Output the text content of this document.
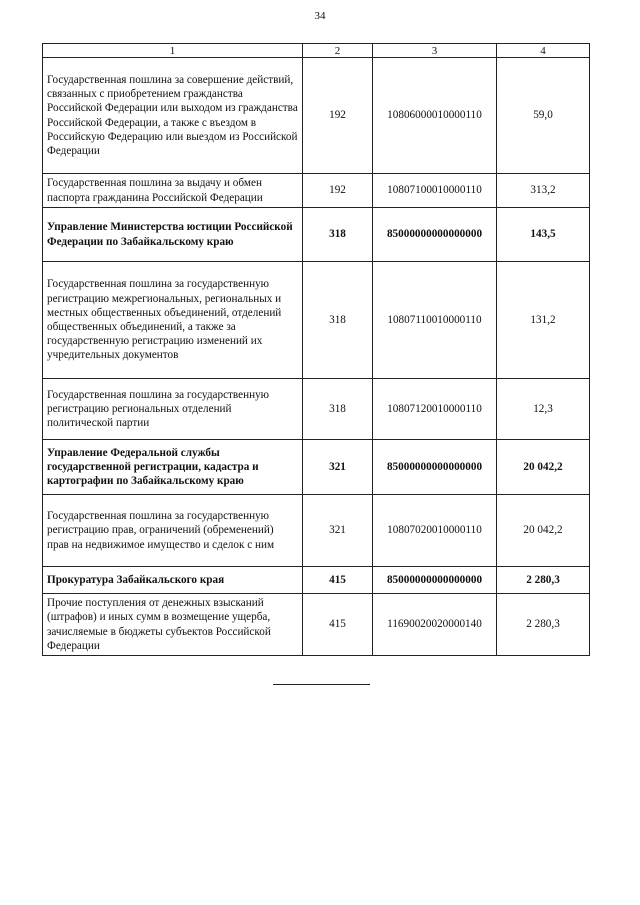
34
1	2	3	4
Государственная пошлина за совершение действий, связанных с приобретением гражданства Российской Федерации или выходом из гражданства Российской Федерации, а также с въездом в Российскую Федерацию или выездом из Российской Федерации	192	10806000010000110	59,0
Государственная пошлина за выдачу и обмен паспорта гражданина Российской Федерации	192	10807100010000110	313,2
Управление Министерства юстиции Российской Федерации по Забайкальскому краю	318	85000000000000000	143,5
Государственная пошлина за государственную регистрацию межрегиональных, региональных и местных общественных объединений, отделений общественных объединений, а также за государственную регистрацию изменений их учредительных документов	318	10807110010000110	131,2
Государственная пошлина за государственную регистрацию региональных отделений политической партии	318	10807120010000110	12,3
Управление Федеральной службы государственной регистрации, кадастра и картографии по Забайкальскому краю	321	85000000000000000	20 042,2
Государственная пошлина за государственную регистрацию прав, ограничений (обременений) прав на недвижимое имущество и сделок с ним	321	10807020010000110	20 042,2
Прокуратура Забайкальского края	415	85000000000000000	2 280,3
Прочие поступления от денежных взысканий (штрафов) и иных сумм в возмещение ущерба, зачисляемые в бюджеты субъектов Российской Федерации	415	11690020020000140	2 280,3
